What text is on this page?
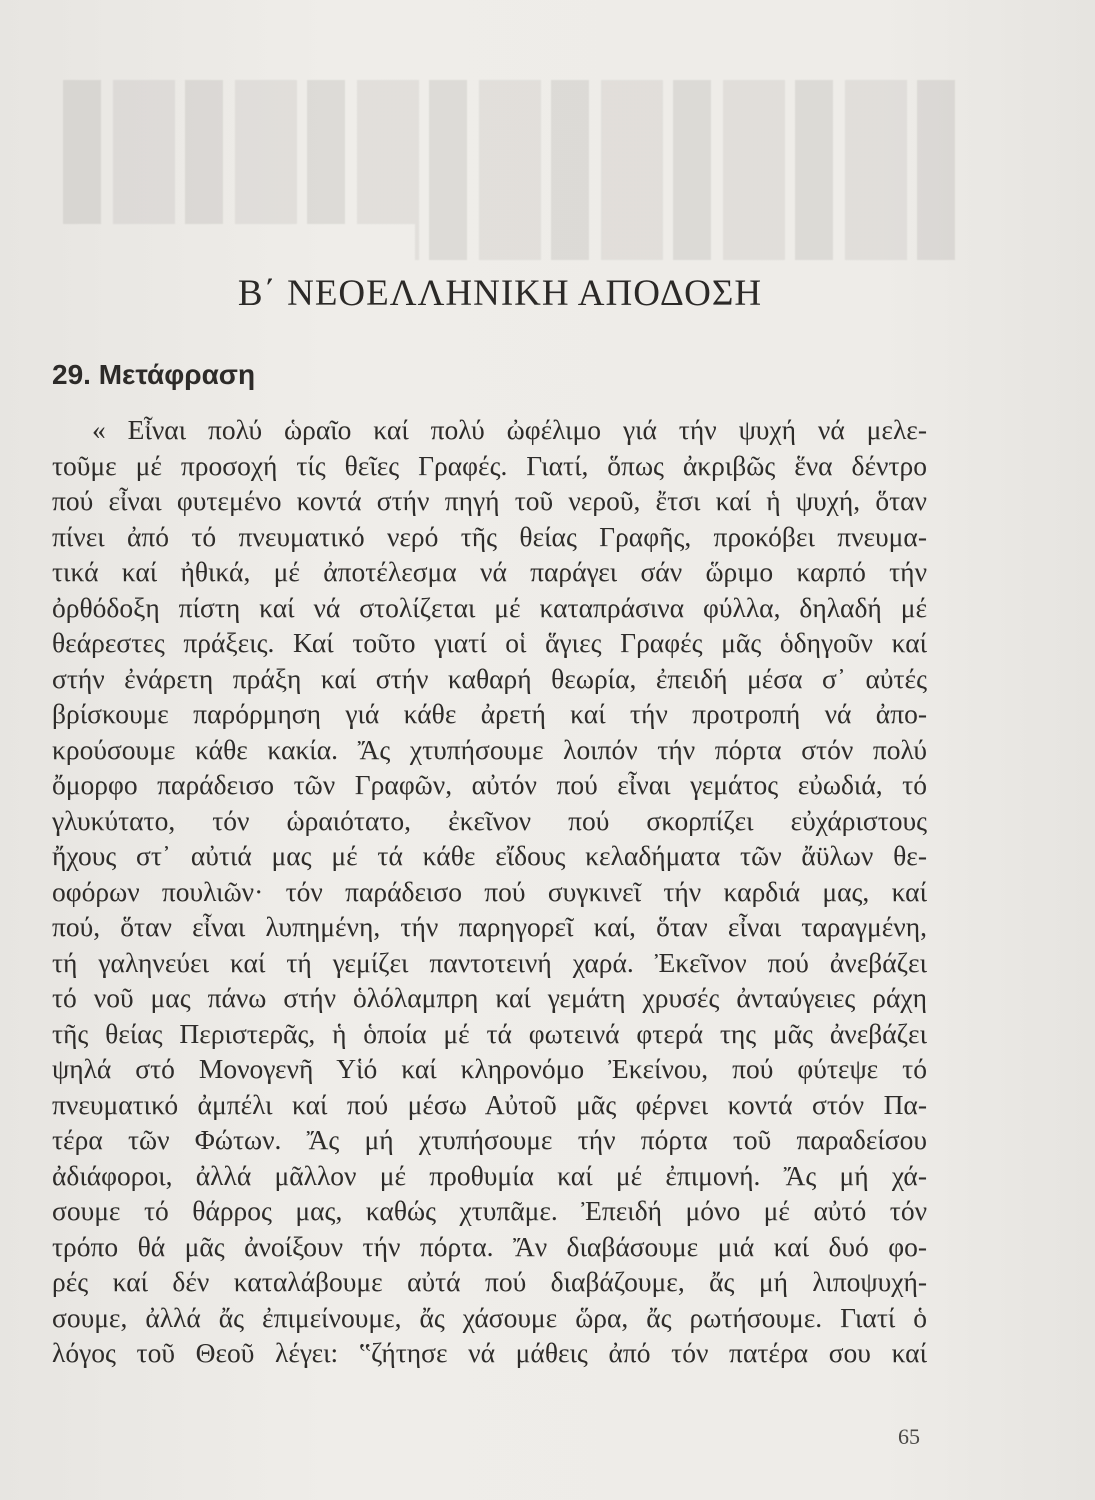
Β΄ ΝΕΟΕΛΛΗΝΙΚΗ ΑΠΟΔΟΣΗ
29. Μετάφραση
« Εἶναι πολύ ὡραῖο καί πολύ ὠφέλιμο γιά τήν ψυχή νά μελε-
τοῦμε μέ προσοχή τίς θεῖες Γραφές. Γιατί, ὅπως ἀκριβῶς ἕνα δέντρο
πού εἶναι φυτεμένο κοντά στήν πηγή τοῦ νεροῦ, ἔτσι καί ἡ ψυχή, ὅταν
πίνει ἀπό τό πνευματικό νερό τῆς θείας Γραφῆς, προκόβει πνευμα-
τικά καί ἠθικά, μέ ἀποτέλεσμα νά παράγει σάν ὥριμο καρπό τήν
ὀρθόδοξη πίστη καί νά στολίζεται μέ καταπράσινα φύλλα, δηλαδή μέ
θεάρεστες πράξεις. Καί τοῦτο γιατί οἱ ἅγιες Γραφές μᾶς ὁδηγοῦν καί
στήν ἐνάρετη πράξη καί στήν καθαρή θεωρία, ἐπειδή μέσα σ᾽ αὐτές
βρίσκουμε παρόρμηση γιά κάθε ἀρετή καί τήν προτροπή νά ἀπο-
κρούσουμε κάθε κακία. Ἄς χτυπήσουμε λοιπόν τήν πόρτα στόν πολύ
ὄμορφο παράδεισο τῶν Γραφῶν, αὐτόν πού εἶναι γεμάτος εὐωδιά, τό
γλυκύτατο, τόν ὡραιότατο, ἐκεῖνον πού σκορπίζει εὐχάριστους
ἤχους στ᾽ αὐτιά μας μέ τά κάθε εἴδους κελαδήματα τῶν ἄϋλων θε-
οφόρων πουλιῶν· τόν παράδεισο πού συγκινεῖ τήν καρδιά μας, καί
πού, ὅταν εἶναι λυπημένη, τήν παρηγορεῖ καί, ὅταν εἶναι ταραγμένη,
τή γαληνεύει καί τή γεμίζει παντοτεινή χαρά. Ἐκεῖνον πού ἀνεβάζει
τό νοῦ μας πάνω στήν ὁλόλαμπρη καί γεμάτη χρυσές ἀνταύγειες ράχη
τῆς θείας Περιστερᾶς, ἡ ὁποία μέ τά φωτεινά φτερά της μᾶς ἀνεβάζει
ψηλά στό Μονογενῆ Υἱό καί κληρονόμο Ἐκείνου, πού φύτεψε τό
πνευματικό ἀμπέλι καί πού μέσω Αὐτοῦ μᾶς φέρνει κοντά στόν Πα-
τέρα τῶν Φώτων. Ἄς μή χτυπήσουμε τήν πόρτα τοῦ παραδείσου
ἀδιάφοροι, ἀλλά μᾶλλον μέ προθυμία καί μέ ἐπιμονή. Ἄς μή χά-
σουμε τό θάρρος μας, καθώς χτυπᾶμε. Ἐπειδή μόνο μέ αὐτό τόν
τρόπο θά μᾶς ἀνοίξουν τήν πόρτα. Ἄν διαβάσουμε μιά καί δυό φο-
ρές καί δέν καταλάβουμε αὐτά πού διαβάζουμε, ἄς μή λιποψυχή-
σουμε, ἀλλά ἄς ἐπιμείνουμε, ἄς χάσουμε ὥρα, ἄς ρωτήσουμε. Γιατί ὁ
λόγος τοῦ Θεοῦ λέγει: ‟ζήτησε νά μάθεις ἀπό τόν πατέρα σου καί
65
